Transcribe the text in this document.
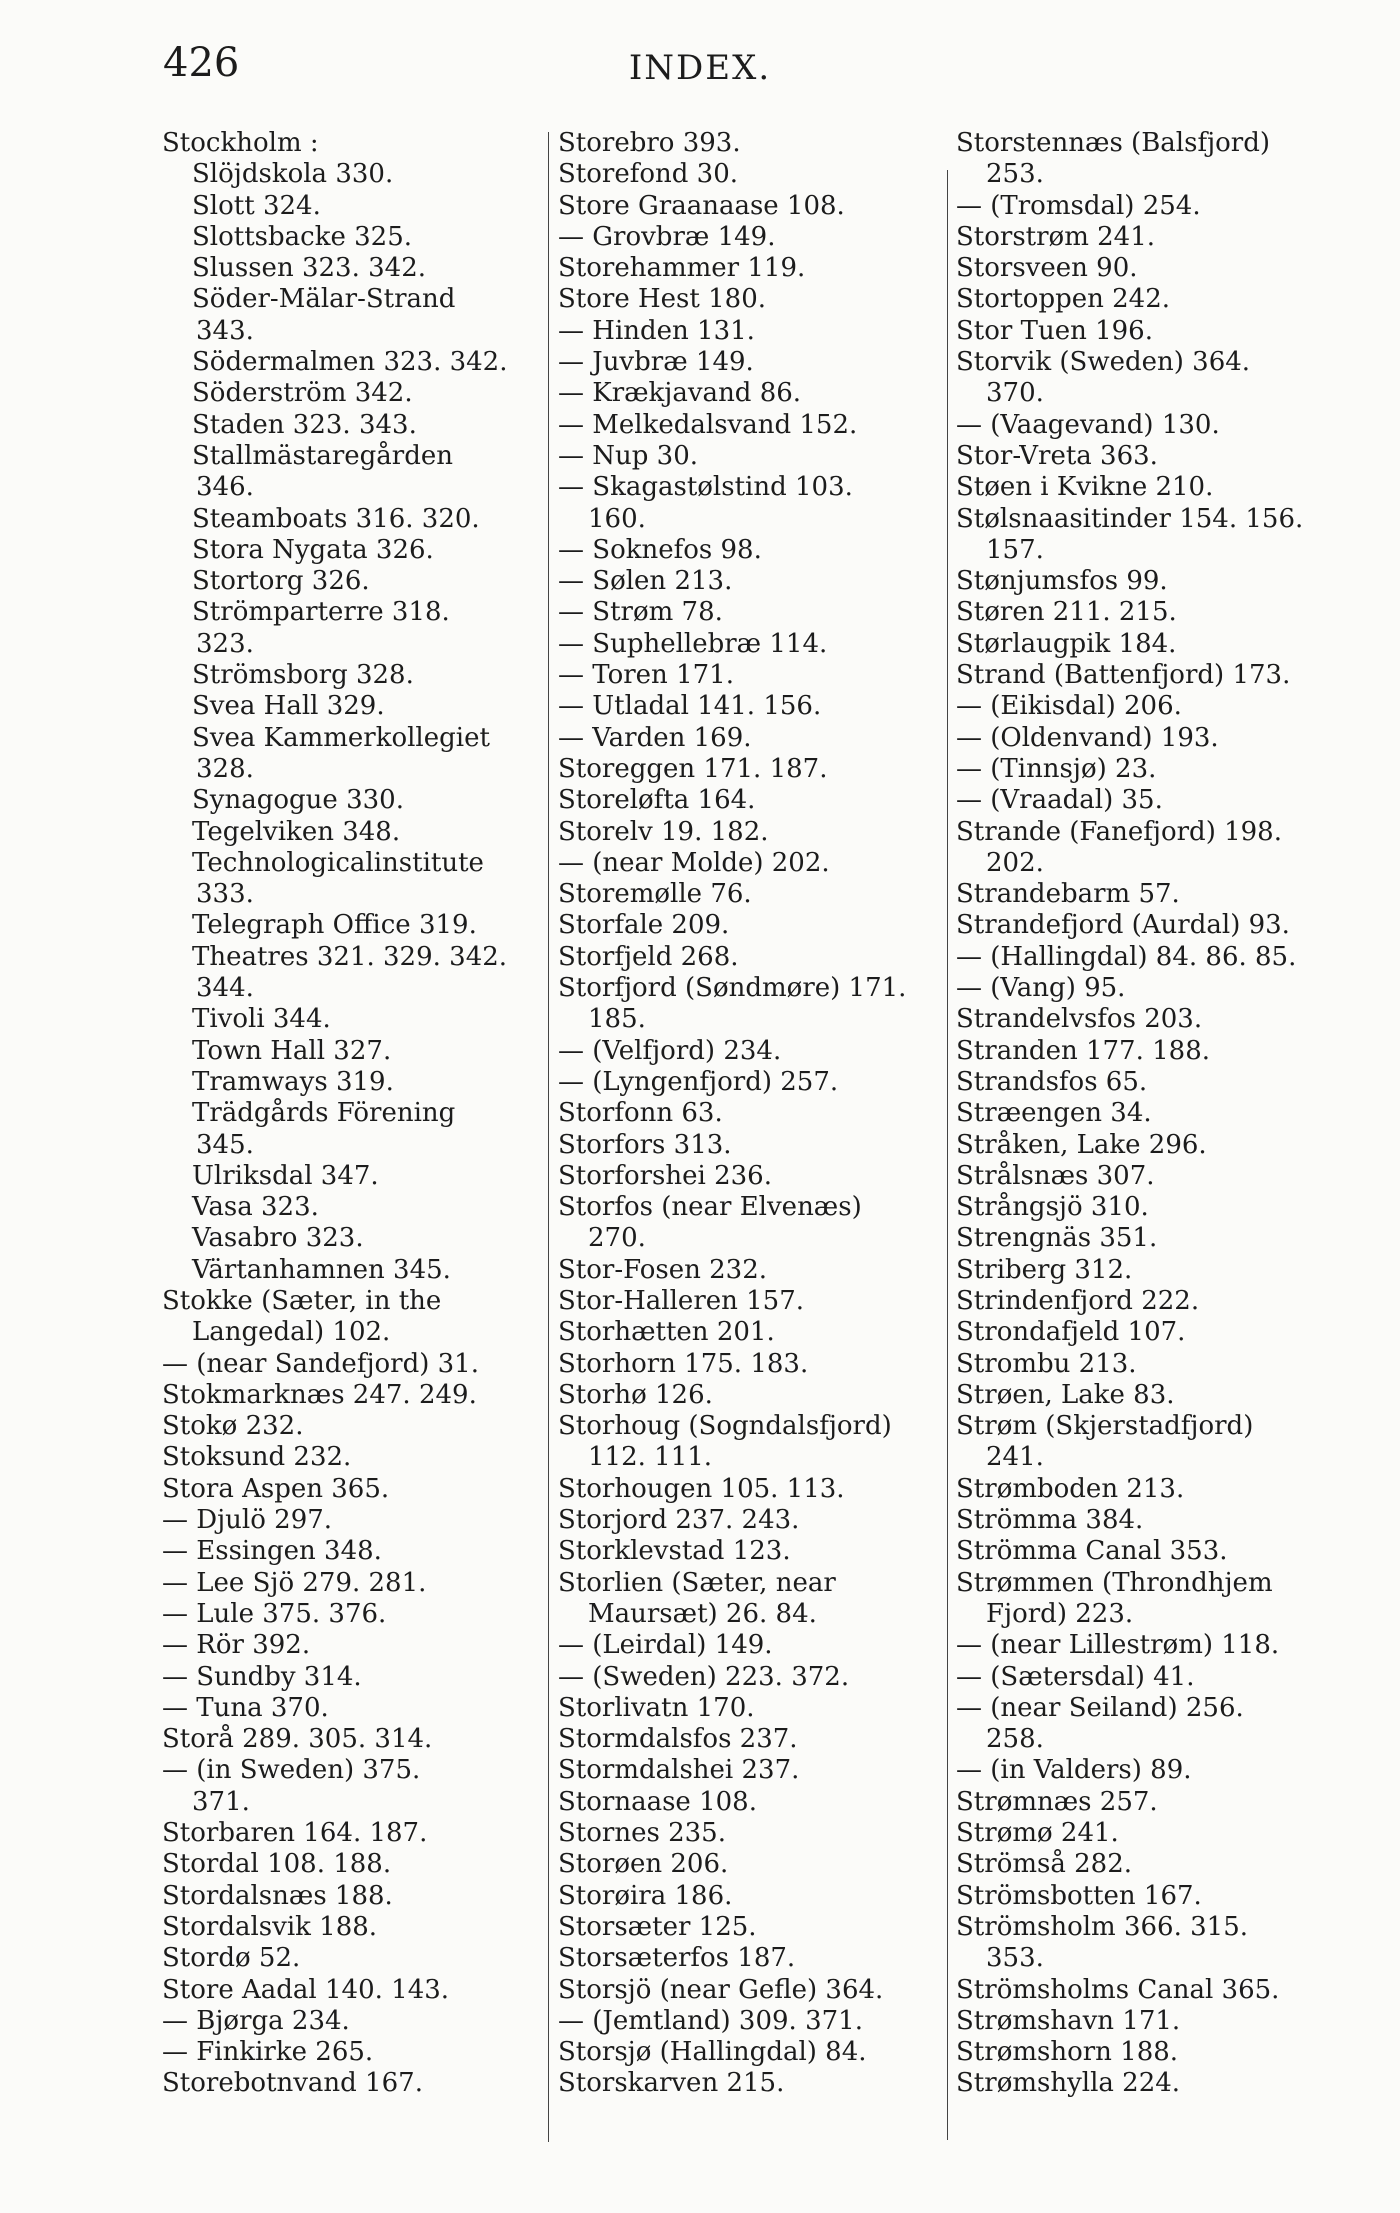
426	INDEX.
Stockholm :
Slöjdskola 330.
Slott 324.
Slottsbacke 325.
Slussen 323. 342.
Söder-Mälar-Strand
343.
Södermalmen 323. 342.
Söderström 342.
Staden 323. 343.
Stallmästaregården
346.
Steamboats 316. 320.
Stora Nygata 326.
Stortorg 326.
Strömparterre 318.
323.
Strömsborg 328.
Svea Hall 329.
Svea Kammerkollegiet
328.
Synagogue 330.
Tegelviken 348.
Technologicalinstitute
333.
Telegraph Office 319.
Theatres 321. 329. 342.
344.
Tivoli 344.
Town Hall 327.
Tramways 319.
Trädgårds Förening
345.
Ulriksdal 347.
Vasa 323.
Vasabro 323.
Värtanhamnen 345.
Stokke (Sæter, in the
Langedal) 102.
— (near Sandefjord) 31.
Stokmarknæs 247. 249.
Stokø 232.
Stoksund 232.
Stora Aspen 365.
— Djulö 297.
— Essingen 348.
— Lee Sjö 279. 281.
— Lule 375. 376.
— Rör 392.
— Sundby 314.
— Tuna 370.
Storå 289. 305. 314.
— (in Sweden) 375.
371.
Storbaren 164. 187.
Stordal 108. 188.
Stordalsnæs 188.
Stordalsvik 188.
Stordø 52.
Store Aadal 140. 143.
— Bjørga 234.
— Finkirke 265.
Storebotnvand 167.
Storebro 393.
Storefond 30.
Store Graanaase 108.
— Grovbræ 149.
Storehammer 119.
Store Hest 180.
— Hinden 131.
— Juvbræ 149.
— Krækjavand 86.
— Melkedalsvand 152.
— Nup 30.
— Skagastølstind 103.
160.
— Soknefos 98.
— Sølen 213.
— Strøm 78.
— Suphellebræ 114.
— Toren 171.
— Utladal 141. 156.
— Varden 169.
Storeggen 171. 187.
Storeløfta 164.
Storelv 19. 182.
— (near Molde) 202.
Storemølle 76.
Storfale 209.
Storfjeld 268.
Storfjord (Søndmøre) 171.
185.
— (Velfjord) 234.
— (Lyngenfjord) 257.
Storfonn 63.
Storfors 313.
Storforshei 236.
Storfos (near Elvenæs)
270.
Stor-Fosen 232.
Stor-Halleren 157.
Storhætten 201.
Storhorn 175. 183.
Storhø 126.
Storhoug (Sogndalsfjord)
112. 111.
Storhougen 105. 113.
Storjord 237. 243.
Storklevstad 123.
Storlien (Sæter, near
Maursæt) 26. 84.
— (Leirdal) 149.
— (Sweden) 223. 372.
Storlivatn 170.
Stormdalsfos 237.
Stormdalshei 237.
Stornaase 108.
Stornes 235.
Storøen 206.
Storøira 186.
Storsæter 125.
Storsæterfos 187.
Storsjö (near Gefle) 364.
— (Jemtland) 309. 371.
Storsjø (Hallingdal) 84.
Storskarven 215.
Storstennæs (Balsfjord)
253.
— (Tromsdal) 254.
Storstrøm 241.
Storsveen 90.
Stortoppen 242.
Stor Tuen 196.
Storvik (Sweden) 364.
370.
— (Vaagevand) 130.
Stor-Vreta 363.
Støen i Kvikne 210.
Stølsnaasitinder 154. 156.
157.
Stønjumsfos 99.
Støren 211. 215.
Størlaugpik 184.
Strand (Battenfjord) 173.
— (Eikisdal) 206.
— (Oldenvand) 193.
— (Tinnsjø) 23.
— (Vraadal) 35.
Strande (Fanefjord) 198.
202.
Strandebarm 57.
Strandefjord (Aurdal) 93.
— (Hallingdal) 84. 86. 85.
— (Vang) 95.
Strandelvsfos 203.
Stranden 177. 188.
Strandsfos 65.
Stræengen 34.
Stråken, Lake 296.
Strålsnæs 307.
Strångsjö 310.
Strengnäs 351.
Striberg 312.
Strindenfjord 222.
Strondafjeld 107.
Strombu 213.
Strøen, Lake 83.
Strøm (Skjerstadfjord)
241.
Strømboden 213.
Strömma 384.
Strömma Canal 353.
Strømmen (Throndhjem
Fjord) 223.
— (near Lillestrøm) 118.
— (Sætersdal) 41.
— (near Seiland) 256.
258.
— (in Valders) 89.
Strømnæs 257.
Strømø 241.
Strömså 282.
Strömsbotten 167.
Strömsholm 366. 315.
353.
Strömsholms Canal 365.
Strømshavn 171.
Strømshorn 188.
Strømshylla 224.
